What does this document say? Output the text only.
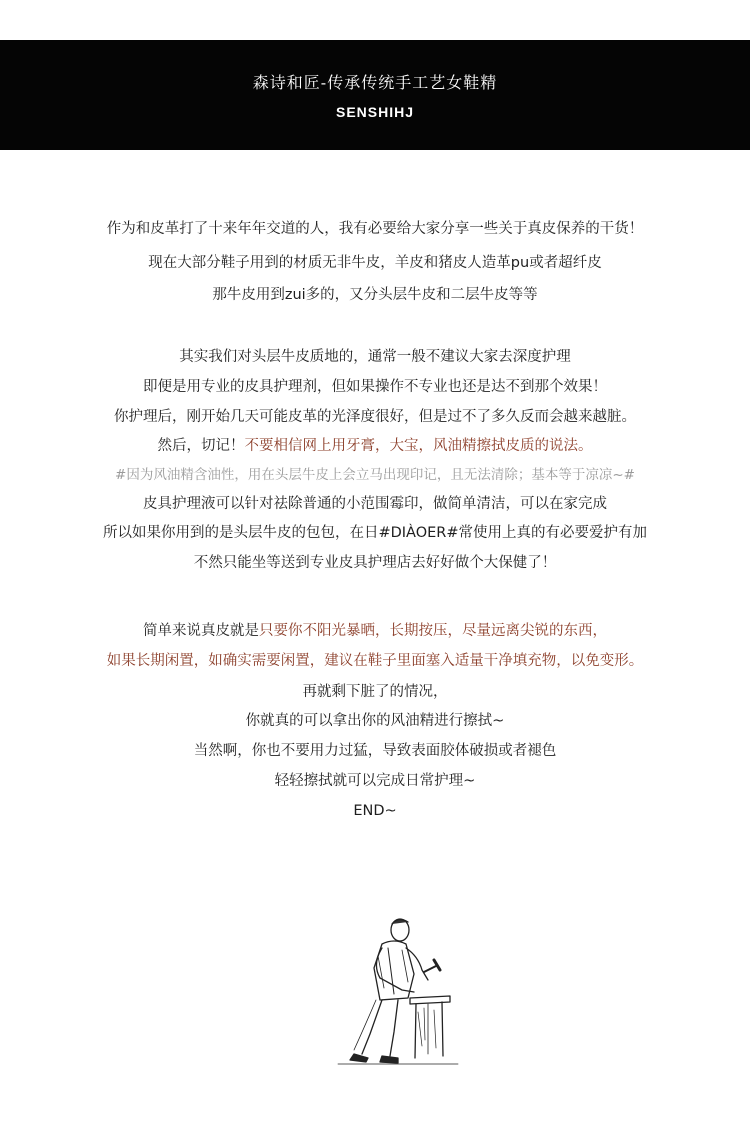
森诗和匠-传承传统手工艺女鞋精
SENSHIHJ
作为和皮革打了十来年年交道的人，我有必要给大家分享一些关于真皮保养的干货！
现在大部分鞋子用到的材质无非牛皮，羊皮和猪皮人造革pu或者超纤皮
那牛皮用到zui多的，又分头层牛皮和二层牛皮等等
其实我们对头层牛皮质地的，通常一般不建议大家去深度护理
即便是用专业的皮具护理剂，但如果操作不专业也还是达不到那个效果！
你护理后，刚开始几天可能皮革的光泽度很好，但是过不了多久反而会越来越脏。
然后，切记！不要相信网上用牙膏，大宝，风油精擦拭皮质的说法。
#因为风油精含油性，用在头层牛皮上会立马出现印记，且无法清除；基本等于凉凉~#
皮具护理液可以针对祛除普通的小范围霉印，做简单清洁，可以在家完成
所以如果你用到的是头层牛皮的包包，在日#DIÀOER#常使用上真的有必要爱护有加
不然只能坐等送到专业皮具护理店去好好做个大保健了！
简单来说真皮就是只要你不阳光暴晒，长期按压，尽量远离尖锐的东西，
如果长期闲置，如确实需要闲置，建议在鞋子里面塞入适量干净填充物，以免变形。
再就剩下脏了的情况，
你就真的可以拿出你的风油精进行擦拭~
当然啊，你也不要用力过猛，导致表面胶体破损或者褪色
轻轻擦拭就可以完成日常护理~
END~
